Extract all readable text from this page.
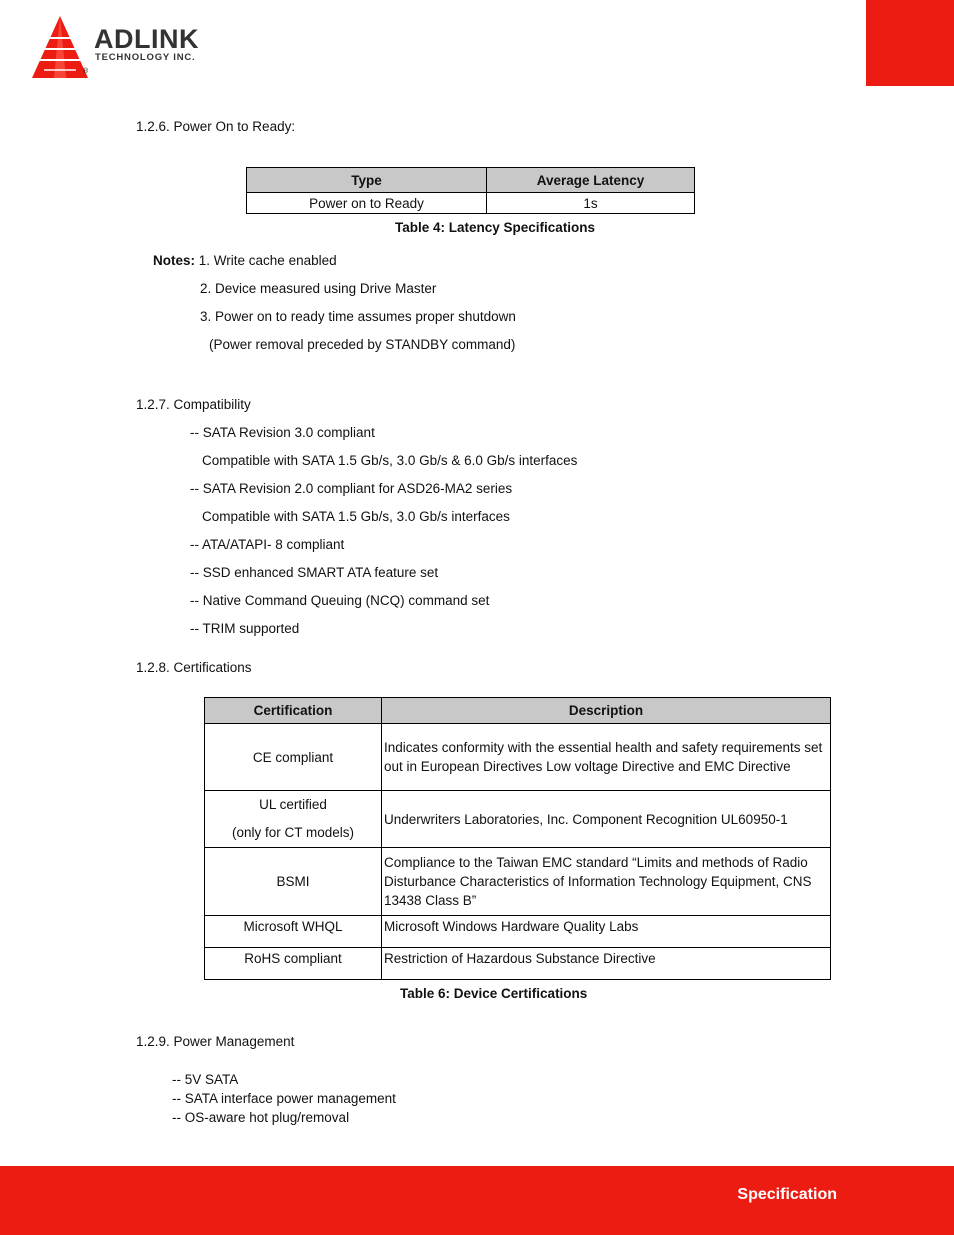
ADLINK
TECHNOLOGY INC.
®
1.2.6. Power On to Ready:
Type	Average Latency
Power on to Ready	1s
Table 4: Latency Specifications
Notes: 1. Write cache enabled
2. Device measured using Drive Master
3. Power on to ready time assumes proper shutdown
(Power removal preceded by STANDBY command)
1.2.7. Compatibility
-- SATA Revision 3.0 compliant
Compatible with SATA 1.5 Gb/s, 3.0 Gb/s & 6.0 Gb/s interfaces
-- SATA Revision 2.0 compliant for ASD26-MA2 series
Compatible with SATA 1.5 Gb/s, 3.0 Gb/s interfaces
-- ATA/ATAPI- 8 compliant
-- SSD enhanced SMART ATA feature set
-- Native Command Queuing (NCQ) command set
-- TRIM supported
1.2.8. Certifications
Certification	Description
CE compliant	Indicates conformity with the essential health and safety requirements set out in European Directives Low voltage Directive and EMC Directive

UL certified
(only for CT models)	Underwriters Laboratories, Inc. Component Recognition UL60950-1
BSMI	Compliance to the Taiwan EMC standard “Limits and methods of Radio Disturbance Characteristics of Information Technology Equipment, CNS 13438 Class B”
Microsoft WHQL	Microsoft Windows Hardware Quality Labs
RoHS compliant	Restriction of Hazardous Substance Directive
Table 6: Device Certifications
1.2.9. Power Management
-- 5V SATA
-- SATA interface power management
-- OS-aware hot plug/removal
Specification
